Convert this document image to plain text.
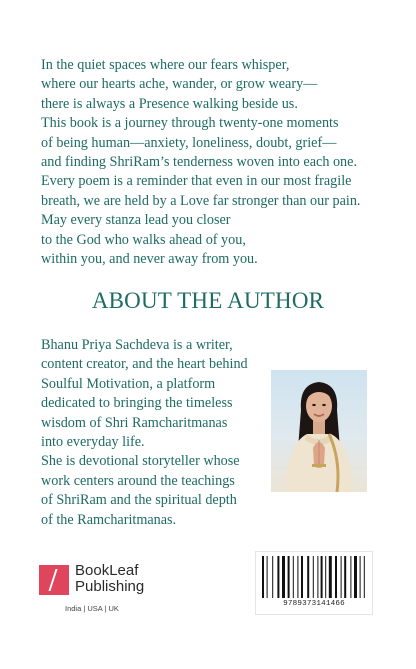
In the quiet spaces where our fears whisper,
where our hearts ache, wander, or grow weary—
there is always a Presence walking beside us.
This book is a journey through twenty-one moments
of being human—anxiety, loneliness, doubt, grief—
and finding ShriRam’s tenderness woven into each one.
Every poem is a reminder that even in our most fragile
breath, we are held by a Love far stronger than our pain.
May every stanza lead you closer
to the God who walks ahead of you,
within you, and never away from you.
ABOUT THE AUTHOR
Bhanu Priya Sachdeva is a writer,
content creator, and the heart behind
Soulful Motivation, a platform
dedicated to bringing the timeless
wisdom of Shri Ramcharitmanas
into everyday life.
She is devotional storyteller whose
work centers around the teachings
of ShriRam and the spiritual depth
of the Ramcharitmanas.
BookLeaf
Publishing
India | USA | UK	9789373141466
